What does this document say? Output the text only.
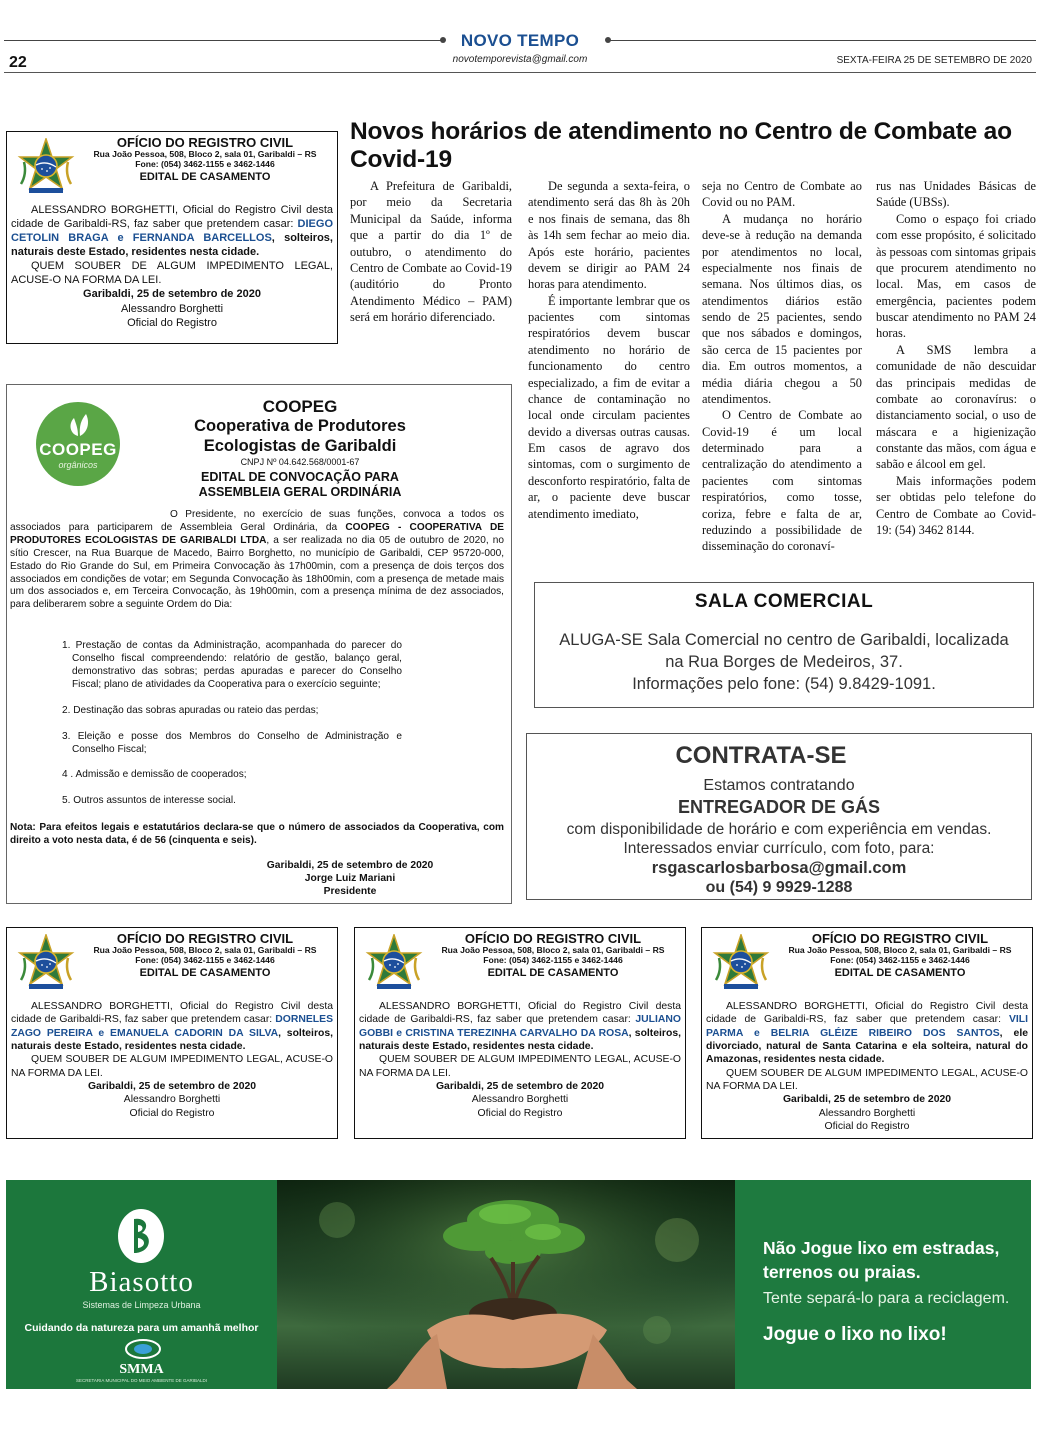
NOVO TEMPO
novotemporevista@gmail.com
22	SEXTA-FEIRA 25 DE SETEMBRO DE 2020
OFÍCIO DO REGISTRO CIVIL
Rua João Pessoa, 508, Bloco 2, sala 01, Garibaldi – RS
Fone: (054) 3462-1155 e 3462-1446
EDITAL DE CASAMENTO

ALESSANDRO BORGHETTI, Oficial do Registro Civil desta cidade de Garibaldi-RS, faz saber que pretendem casar: DIEGO CETOLIN BRAGA e FERNANDA BARCELLOS, solteiros, naturais deste Estado, residentes nesta cidade.

QUEM SOUBER DE ALGUM IMPEDIMENTO LEGAL, ACUSE-O NA FORMA DA LEI.

Garibaldi, 25 de setembro de 2020
Alessandro Borghetti
Oficial do Registro
Novos horários de atendimento no Centro de Combate ao Covid-19

A Prefeitura de Garibaldi, por meio da Secretaria Municipal da Saúde, informa que a partir do dia 1º de outubro, o atendimento do Centro de Combate ao Covid-19 (auditório do Pronto Atendimento Médico – PAM) será em horário diferenciado.

De segunda a sexta-feira, o atendimento será das 8h às 20h e nos finais de semana, das 8h às 14h sem fechar ao meio dia. Após este horário, pacientes devem se dirigir ao PAM 24 horas para atendimento.

É importante lembrar que os pacientes com sintomas respiratórios devem buscar atendimento no horário de funcionamento do centro especializado, a fim de evitar a chance de contaminação no local onde circulam pacientes devido a diversas outras causas. Em casos de agravo dos sintomas, com o surgimento de desconforto respiratório, falta de ar, o paciente deve buscar atendimento imediato,

seja no Centro de Combate ao Covid ou no PAM.

A mudança no horário deve-se à redução na demanda por atendimentos no local, especialmente nos finais de semana. Nos últimos dias, os atendimentos diários estão sendo de 25 pacientes, sendo que nos sábados e domingos, são cerca de 15 pacientes por dia. Em outros momentos, a média diária chegou a 50 atendimentos.

O Centro de Combate ao Covid-19 é um local determinado para a centralização do atendimento a pacientes com sintomas respiratórios, como tosse, coriza, febre e falta de ar, reduzindo a possibilidade de disseminação do coronaví-

rus nas Unidades Básicas de Saúde (UBSs).

Como o espaço foi criado com esse propósito, é solicitado às pessoas com sintomas gripais que procurem atendimento no local. Mas, em casos de emergência, pacientes podem buscar atendimento no PAM 24 horas.

A SMS lembra a comunidade de não descuidar das principais medidas de combate ao coronavírus: o distanciamento social, o uso de máscara e a higienização constante das mãos, com água e sabão e álcool em gel.

Mais informações podem ser obtidas pelo telefone do Centro de Combate ao Covid-19: (54) 3462 8144.

COOPEG
orgânicos
COOPEG
Cooperativa de Produtores
Ecologistas de Garibaldi
CNPJ Nº 04.642.568/0001-67
EDITAL DE CONVOCAÇÃO PARA
ASSEMBLEIA GERAL ORDINÁRIA
O Presidente, no exercício de suas funções, convoca a todos os associados para participarem de Assembleia Geral Ordinária, da COOPEG - COOPERATIVA DE PRODUTORES ECOLOGISTAS DE GARIBALDI LTDA, a ser realizada no dia 05 de outubro de 2020, no sítio Crescer, na Rua Buarque de Macedo, Bairro Borghetto, no município de Garibaldi, CEP 95720-000, Estado do Rio Grande do Sul, em Primeira Convocação às 17h00min, com a presença de dois terços dos associados em condições de votar; em Segunda Convocação às 18h00min, com a presença de metade mais um dos associados e, em Terceira Convocação, às 19h00min, com a presença mínima de dez associados, para deliberarem sobre a seguinte Ordem do Dia:
1. Prestação de contas da Administração, acompanhada do parecer do Conselho fiscal compreendendo: relatório de gestão, balanço geral, demonstrativo das sobras; perdas apuradas e parecer do Conselho Fiscal; plano de atividades da Cooperativa para o exercício seguinte;
2. Destinação das sobras apuradas ou rateio das perdas;
3. Eleição e posse dos Membros do Conselho de Administração e Conselho Fiscal;
4 . Admissão e demissão de cooperados;
5. Outros assuntos de interesse social.
Nota: Para efeitos legais e estatutários declara-se que o número de associados da Cooperativa, com direito a voto nesta data, é de 56 (cinquenta e seis).
Garibaldi, 25 de setembro de 2020
Jorge Luiz Mariani
Presidente
SALA COMERCIAL
ALUGA-SE Sala Comercial no centro de Garibaldi, localizada
na Rua Borges de Medeiros, 37.
Informações pelo fone: (54) 9.8429-1091.
CONTRATA-SE
Estamos contratando
ENTREGADOR DE GÁS
com disponibilidade de horário e com experiência em vendas.
Interessados enviar currículo, com foto, para:
rsgascarlosbarbosa@gmail.com
ou (54) 9 9929-1288
OFÍCIO DO REGISTRO CIVIL
Rua João Pessoa, 508, Bloco 2, sala 01, Garibaldi – RS
Fone: (054) 3462-1155 e 3462-1446
EDITAL DE CASAMENTO

ALESSANDRO BORGHETTI, Oficial do Registro Civil desta cidade de Garibaldi-RS, faz saber que pretendem casar: DORNELES ZAGO PEREIRA e EMANUELA CADORIN DA SILVA, solteiros, naturais deste Estado, residentes nesta cidade.

QUEM SOUBER DE ALGUM IMPEDIMENTO LEGAL, ACUSE-O NA FORMA DA LEI.

Garibaldi, 25 de setembro de 2020
Alessandro Borghetti
Oficial do Registro
OFÍCIO DO REGISTRO CIVIL
Rua João Pessoa, 508, Bloco 2, sala 01, Garibaldi – RS
Fone: (054) 3462-1155 e 3462-1446
EDITAL DE CASAMENTO

ALESSANDRO BORGHETTI, Oficial do Registro Civil desta cidade de Garibaldi-RS, faz saber que pretendem casar: JULIANO GOBBI e CRISTINA TEREZINHA CARVALHO DA ROSA, solteiros, naturais deste Estado, residentes nesta cidade.

QUEM SOUBER DE ALGUM IMPEDIMENTO LEGAL, ACUSE-O NA FORMA DA LEI.

Garibaldi, 25 de setembro de 2020
Alessandro Borghetti
Oficial do Registro
OFÍCIO DO REGISTRO CIVIL
Rua João Pessoa, 508, Bloco 2, sala 01, Garibaldi – RS
Fone: (054) 3462-1155 e 3462-1446
EDITAL DE CASAMENTO

ALESSANDRO BORGHETTI, Oficial do Registro Civil desta cidade de Garibaldi-RS, faz saber que pretendem casar: VILI PARMA e BELRIA GLÉIZE RIBEIRO DOS SANTOS, ele divorciado, natural de Santa Catarina e ela solteira, natural do Amazonas, residentes nesta cidade.

QUEM SOUBER DE ALGUM IMPEDIMENTO LEGAL, ACUSE-O NA FORMA DA LEI.

Garibaldi, 25 de setembro de 2020
Alessandro Borghetti
Oficial do Registro
Biasotto
Sistemas de Limpeza Urbana
Cuidando da natureza para um amanhã melhor
SMMA
SECRETARIA MUNICIPAL DO MEIO AMBIENTE DE GARIBALDI
Não Jogue lixo em estradas,
terrenos ou praias.
Tente separá-lo para a reciclagem.
Jogue o lixo no lixo!
